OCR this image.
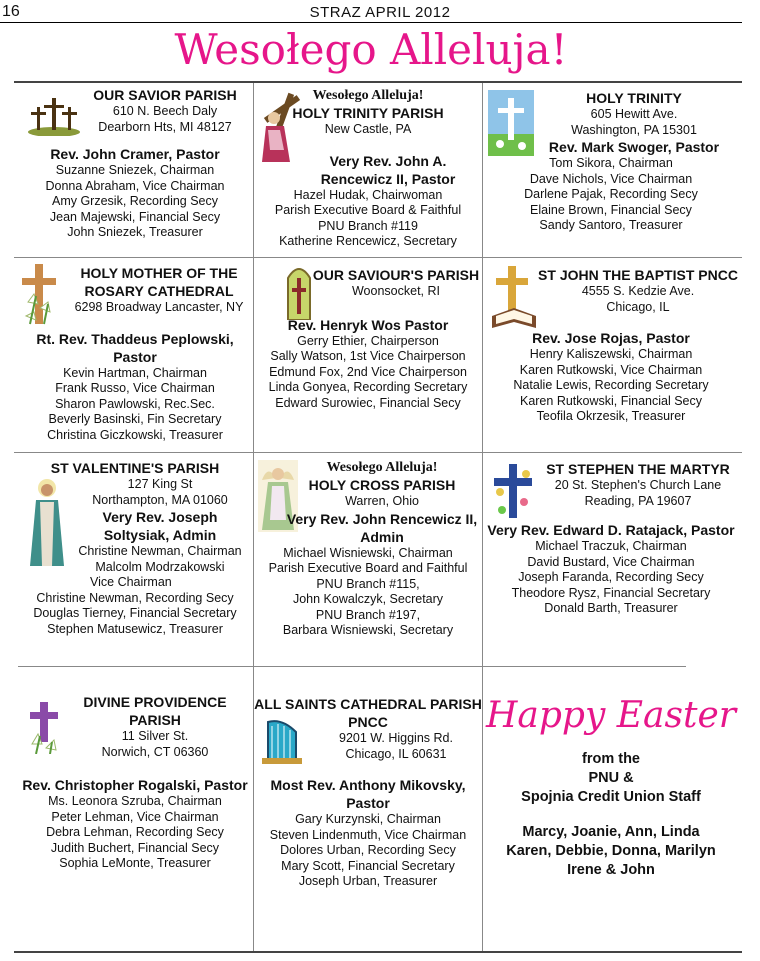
16	STRAZ APRIL 2012
Wesołego Alleluja!
OUR SAVIOR PARISH
610 N. Beech Daly
Dearborn Hts, MI 48127
Rev. John Cramer, Pastor
Suzanne Sniezek, Chairman
Donna Abraham, Vice Chairman
Amy Grzesik, Recording Secy
Jean Majewski, Financial Secy
John Sniezek, Treasurer
Wesołego Alleluja!
HOLY TRINITY PARISH
New Castle, PA
Very Rev. John A. Rencewicz II, Pastor
Hazel Hudak, Chairwoman
Parish Executive Board & Faithful
PNU Branch #119
Katherine Rencewicz, Secretary
HOLY TRINITY
605 Hewitt Ave.
Washington, PA 15301
Rev. Mark Swoger, Pastor
Tom Sikora, Chairman
Dave Nichols, Vice Chairman
Darlene Pajak, Recording Secy
Elaine Brown, Financial Secy
Sandy Santoro, Treasurer
HOLY MOTHER OF THE ROSARY CATHEDRAL
6298 Broadway Lancaster, NY
Rt. Rev. Thaddeus Peplowski, Pastor
Kevin Hartman, Chairman
Frank Russo, Vice Chairman
Sharon Pawlowski, Rec.Sec.
Beverly Basinski, Fin Secretary
Christina Giczkowski, Treasurer
OUR SAVIOUR'S PARISH
Woonsocket, RI
Rev. Henryk Wos Pastor
Gerry Ethier, Chairperson
Sally Watson, 1st Vice Chairperson
Edmund Fox, 2nd Vice Chairperson
Linda Gonyea, Recording Secretary
Edward Surowiec, Financial Secy
ST JOHN THE BAPTIST PNCC
4555 S. Kedzie Ave.
Chicago, IL
Rev. Jose Rojas, Pastor
Henry Kaliszewski, Chairman
Karen Rutkowski, Vice Chairman
Natalie Lewis, Recording Secretary
Karen Rutkowski, Financial Secy
Teofila Okrzesik, Treasurer
ST VALENTINE'S PARISH
127 King St
Northampton, MA 01060
Very Rev. Joseph Soltysiak, Admin
Christine Newman, Chairman
Malcolm Modrzakowski
Vice Chairman
Christine Newman, Recording Secy
Douglas Tierney, Financial Secretary
Stephen Matusewicz, Treasurer
Wesołego Alleluja!
HOLY CROSS PARISH
Warren, Ohio
Very Rev. John Rencewicz II, Admin
Michael Wisniewski, Chairman
Parish Executive Board and Faithful
PNU Branch #115,
John Kowalczyk, Secretary
PNU Branch #197,
Barbara Wisniewski, Secretary
ST STEPHEN THE MARTYR
20 St. Stephen's Church Lane
Reading, PA 19607
Very Rev. Edward D. Ratajack, Pastor
Michael Traczuk, Chairman
David Bustard, Vice Chairman
Joseph Faranda, Recording Secy
Theodore Rysz, Financial Secretary
Donald Barth, Treasurer
DIVINE PROVIDENCE PARISH
11 Silver St.
Norwich, CT 06360
Rev. Christopher Rogalski, Pastor
Ms. Leonora Szruba, Chairman
Peter Lehman, Vice Chairman
Debra Lehman, Recording Secy
Judith Buchert, Financial Secy
Sophia LeMonte, Treasurer
ALL SAINTS CATHEDRAL PARISH PNCC
9201 W. Higgins Rd.
Chicago, IL 60631
Most Rev. Anthony Mikovsky, Pastor
Gary Kurzynski, Chairman
Steven Lindenmuth, Vice Chairman
Dolores Urban, Recording Secy
Mary Scott, Financial Secretary
Joseph Urban, Treasurer
Happy Easter
from the
PNU &
Spojnia Credit Union Staff
Marcy, Joanie, Ann, Linda
Karen, Debbie, Donna, Marilyn
Irene & John
